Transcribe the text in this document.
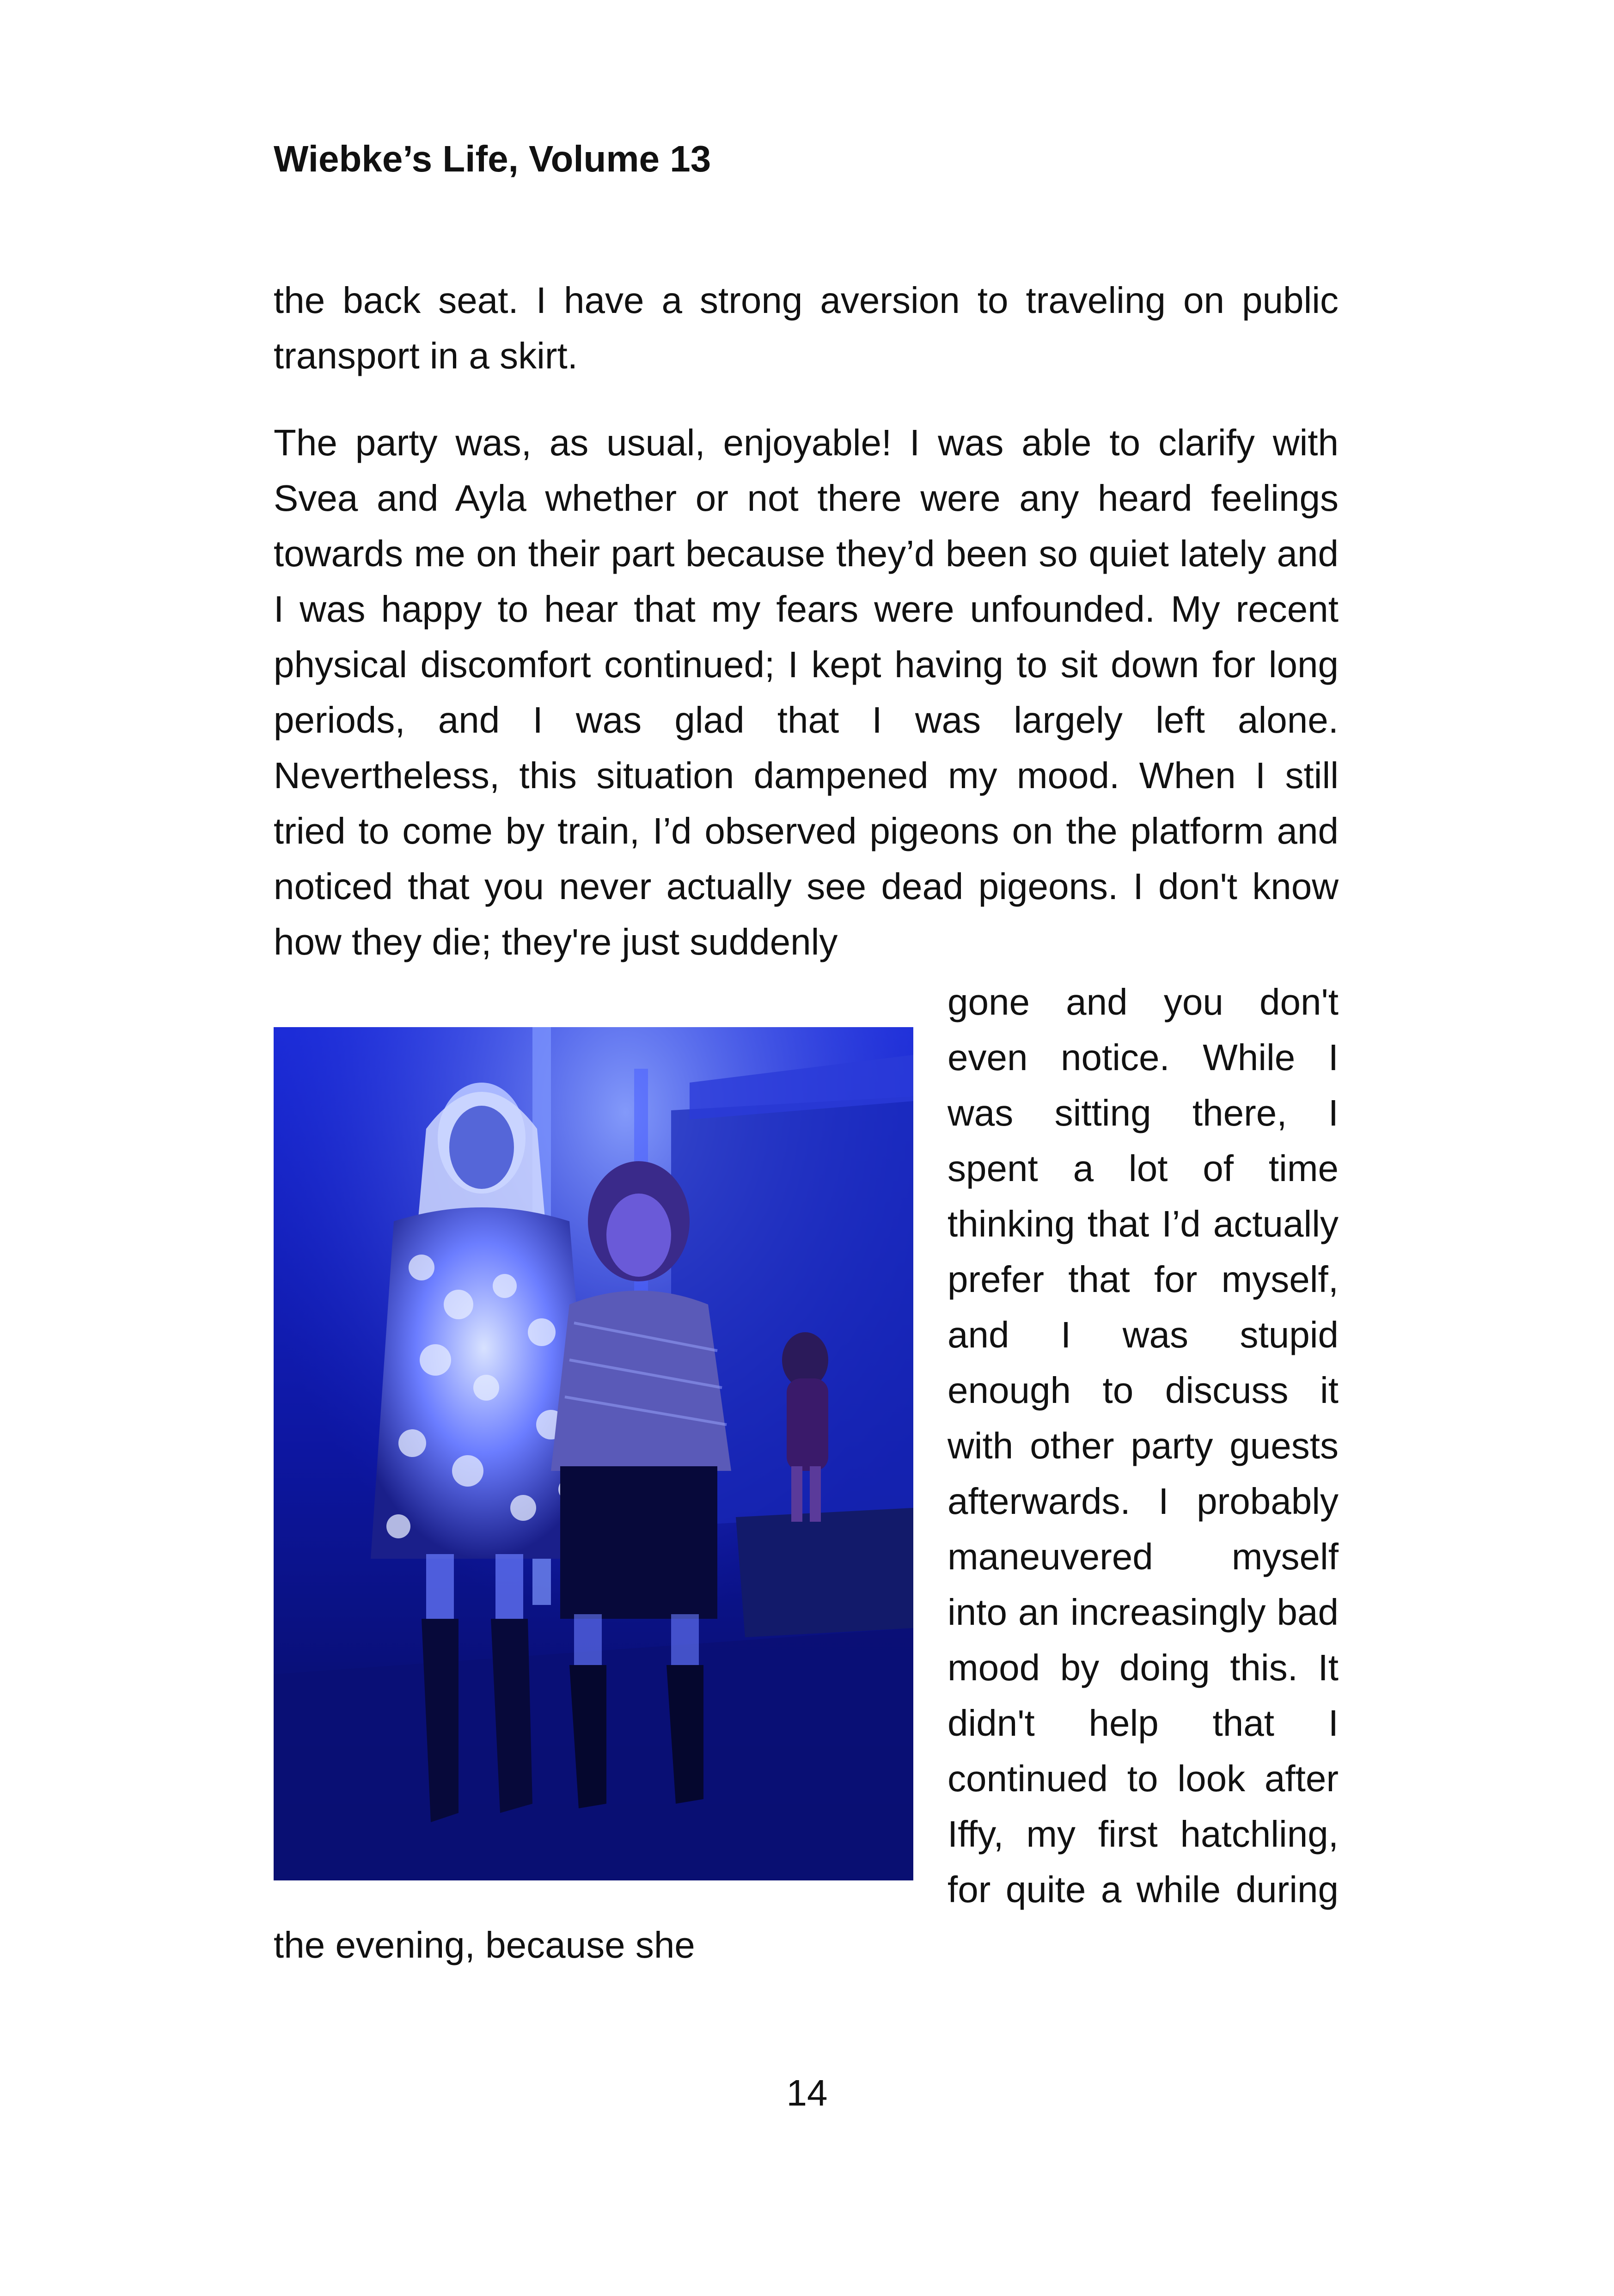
Wiebke’s Life, Volume 13

the back seat. I have a strong aversion to traveling on public transport in a skirt.

The party was, as usual, enjoyable! I was able to clarify with Svea and Ayla whether or not there were any heard feelings towards me on their part because they’d been so quiet lately and I was happy to hear that my fears were unfounded. My recent physical discomfort continued; I kept having to sit down for long periods, and I was glad that I was largely left alone. Nevertheless, this situation dampened my mood. When I still tried to come by train, I’d observed pigeons on the platform and noticed that you never actually see dead pigeons. I don't know how they die; they're just suddenly

gone and you don't even notice. While I was sitting there, I spent a lot of time thinking that I’d actually prefer that for myself, and I was stupid enough to discuss it with other party guests afterwards. I probably maneuvered myself into an increasingly bad mood by doing this. It didn't help that I continued to look after Iffy, my first hatchling, for quite a while during the evening, because she
14
